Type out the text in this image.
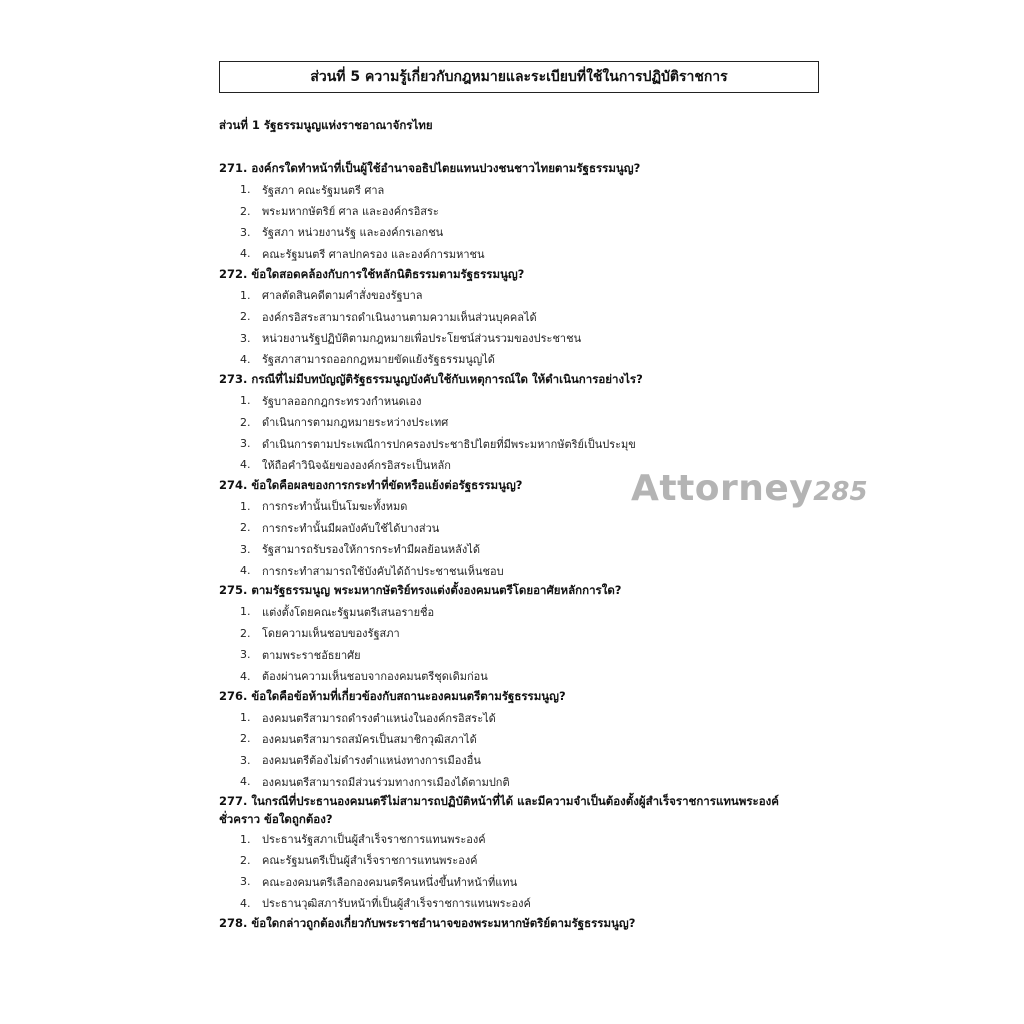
ส่วนที่ 5 ความรู้เกี่ยวกับกฎหมายและระเบียบที่ใช้ในการปฏิบัติราชการ
ส่วนที่ 1 รัฐธรรมนูญแห่งราชอาณาจักรไทย
271. องค์กรใดทำหน้าที่เป็นผู้ใช้อำนาจอธิปไตยแทนปวงชนชาวไทยตามรัฐธรรมนูญ?
1.	รัฐสภา คณะรัฐมนตรี ศาล
2.	พระมหากษัตริย์ ศาล และองค์กรอิสระ
3.	รัฐสภา หน่วยงานรัฐ และองค์กรเอกชน
4.	คณะรัฐมนตรี ศาลปกครอง และองค์การมหาชน
272. ข้อใดสอดคล้องกับการใช้หลักนิติธรรมตามรัฐธรรมนูญ?
1.	ศาลตัดสินคดีตามคำสั่งของรัฐบาล
2.	องค์กรอิสระสามารถดำเนินงานตามความเห็นส่วนบุคคลได้
3.	หน่วยงานรัฐปฏิบัติตามกฎหมายเพื่อประโยชน์ส่วนรวมของประชาชน
4.	รัฐสภาสามารถออกกฎหมายขัดแย้งรัฐธรรมนูญได้
273. กรณีที่ไม่มีบทบัญญัติรัฐธรรมนูญบังคับใช้กับเหตุการณ์ใด ให้ดำเนินการอย่างไร?
1.	รัฐบาลออกกฎกระทรวงกำหนดเอง
2.	ดำเนินการตามกฎหมายระหว่างประเทศ
3.	ดำเนินการตามประเพณีการปกครองประชาธิปไตยที่มีพระมหากษัตริย์เป็นประมุข
4.	ให้ถือคำวินิจฉัยขององค์กรอิสระเป็นหลัก
274. ข้อใดคือผลของการกระทำที่ขัดหรือแย้งต่อรัฐธรรมนูญ?
1.	การกระทำนั้นเป็นโมฆะทั้งหมด
2.	การกระทำนั้นมีผลบังคับใช้ได้บางส่วน
3.	รัฐสามารถรับรองให้การกระทำมีผลย้อนหลังได้
4.	การกระทำสามารถใช้บังคับได้ถ้าประชาชนเห็นชอบ
275. ตามรัฐธรรมนูญ พระมหากษัตริย์ทรงแต่งตั้งองคมนตรีโดยอาศัยหลักการใด?
1.	แต่งตั้งโดยคณะรัฐมนตรีเสนอรายชื่อ
2.	โดยความเห็นชอบของรัฐสภา
3.	ตามพระราชอัธยาศัย
4.	ต้องผ่านความเห็นชอบจากองคมนตรีชุดเดิมก่อน
276. ข้อใดคือข้อห้ามที่เกี่ยวข้องกับสถานะองคมนตรีตามรัฐธรรมนูญ?
1.	องคมนตรีสามารถดำรงตำแหน่งในองค์กรอิสระได้
2.	องคมนตรีสามารถสมัครเป็นสมาชิกวุฒิสภาได้
3.	องคมนตรีต้องไม่ดำรงตำแหน่งทางการเมืองอื่น
4.	องคมนตรีสามารถมีส่วนร่วมทางการเมืองได้ตามปกติ
277. ในกรณีที่ประธานองคมนตรีไม่สามารถปฏิบัติหน้าที่ได้ และมีความจำเป็นต้องตั้งผู้สำเร็จราชการแทนพระองค์ชั่วคราว ข้อใดถูกต้อง?
1.	ประธานรัฐสภาเป็นผู้สำเร็จราชการแทนพระองค์
2.	คณะรัฐมนตรีเป็นผู้สำเร็จราชการแทนพระองค์
3.	คณะองคมนตรีเลือกองคมนตรีคนหนึ่งขึ้นทำหน้าที่แทน
4.	ประธานวุฒิสภารับหน้าที่เป็นผู้สำเร็จราชการแทนพระองค์
278. ข้อใดกล่าวถูกต้องเกี่ยวกับพระราชอำนาจของพระมหากษัตริย์ตามรัฐธรรมนูญ?
Attorney285
